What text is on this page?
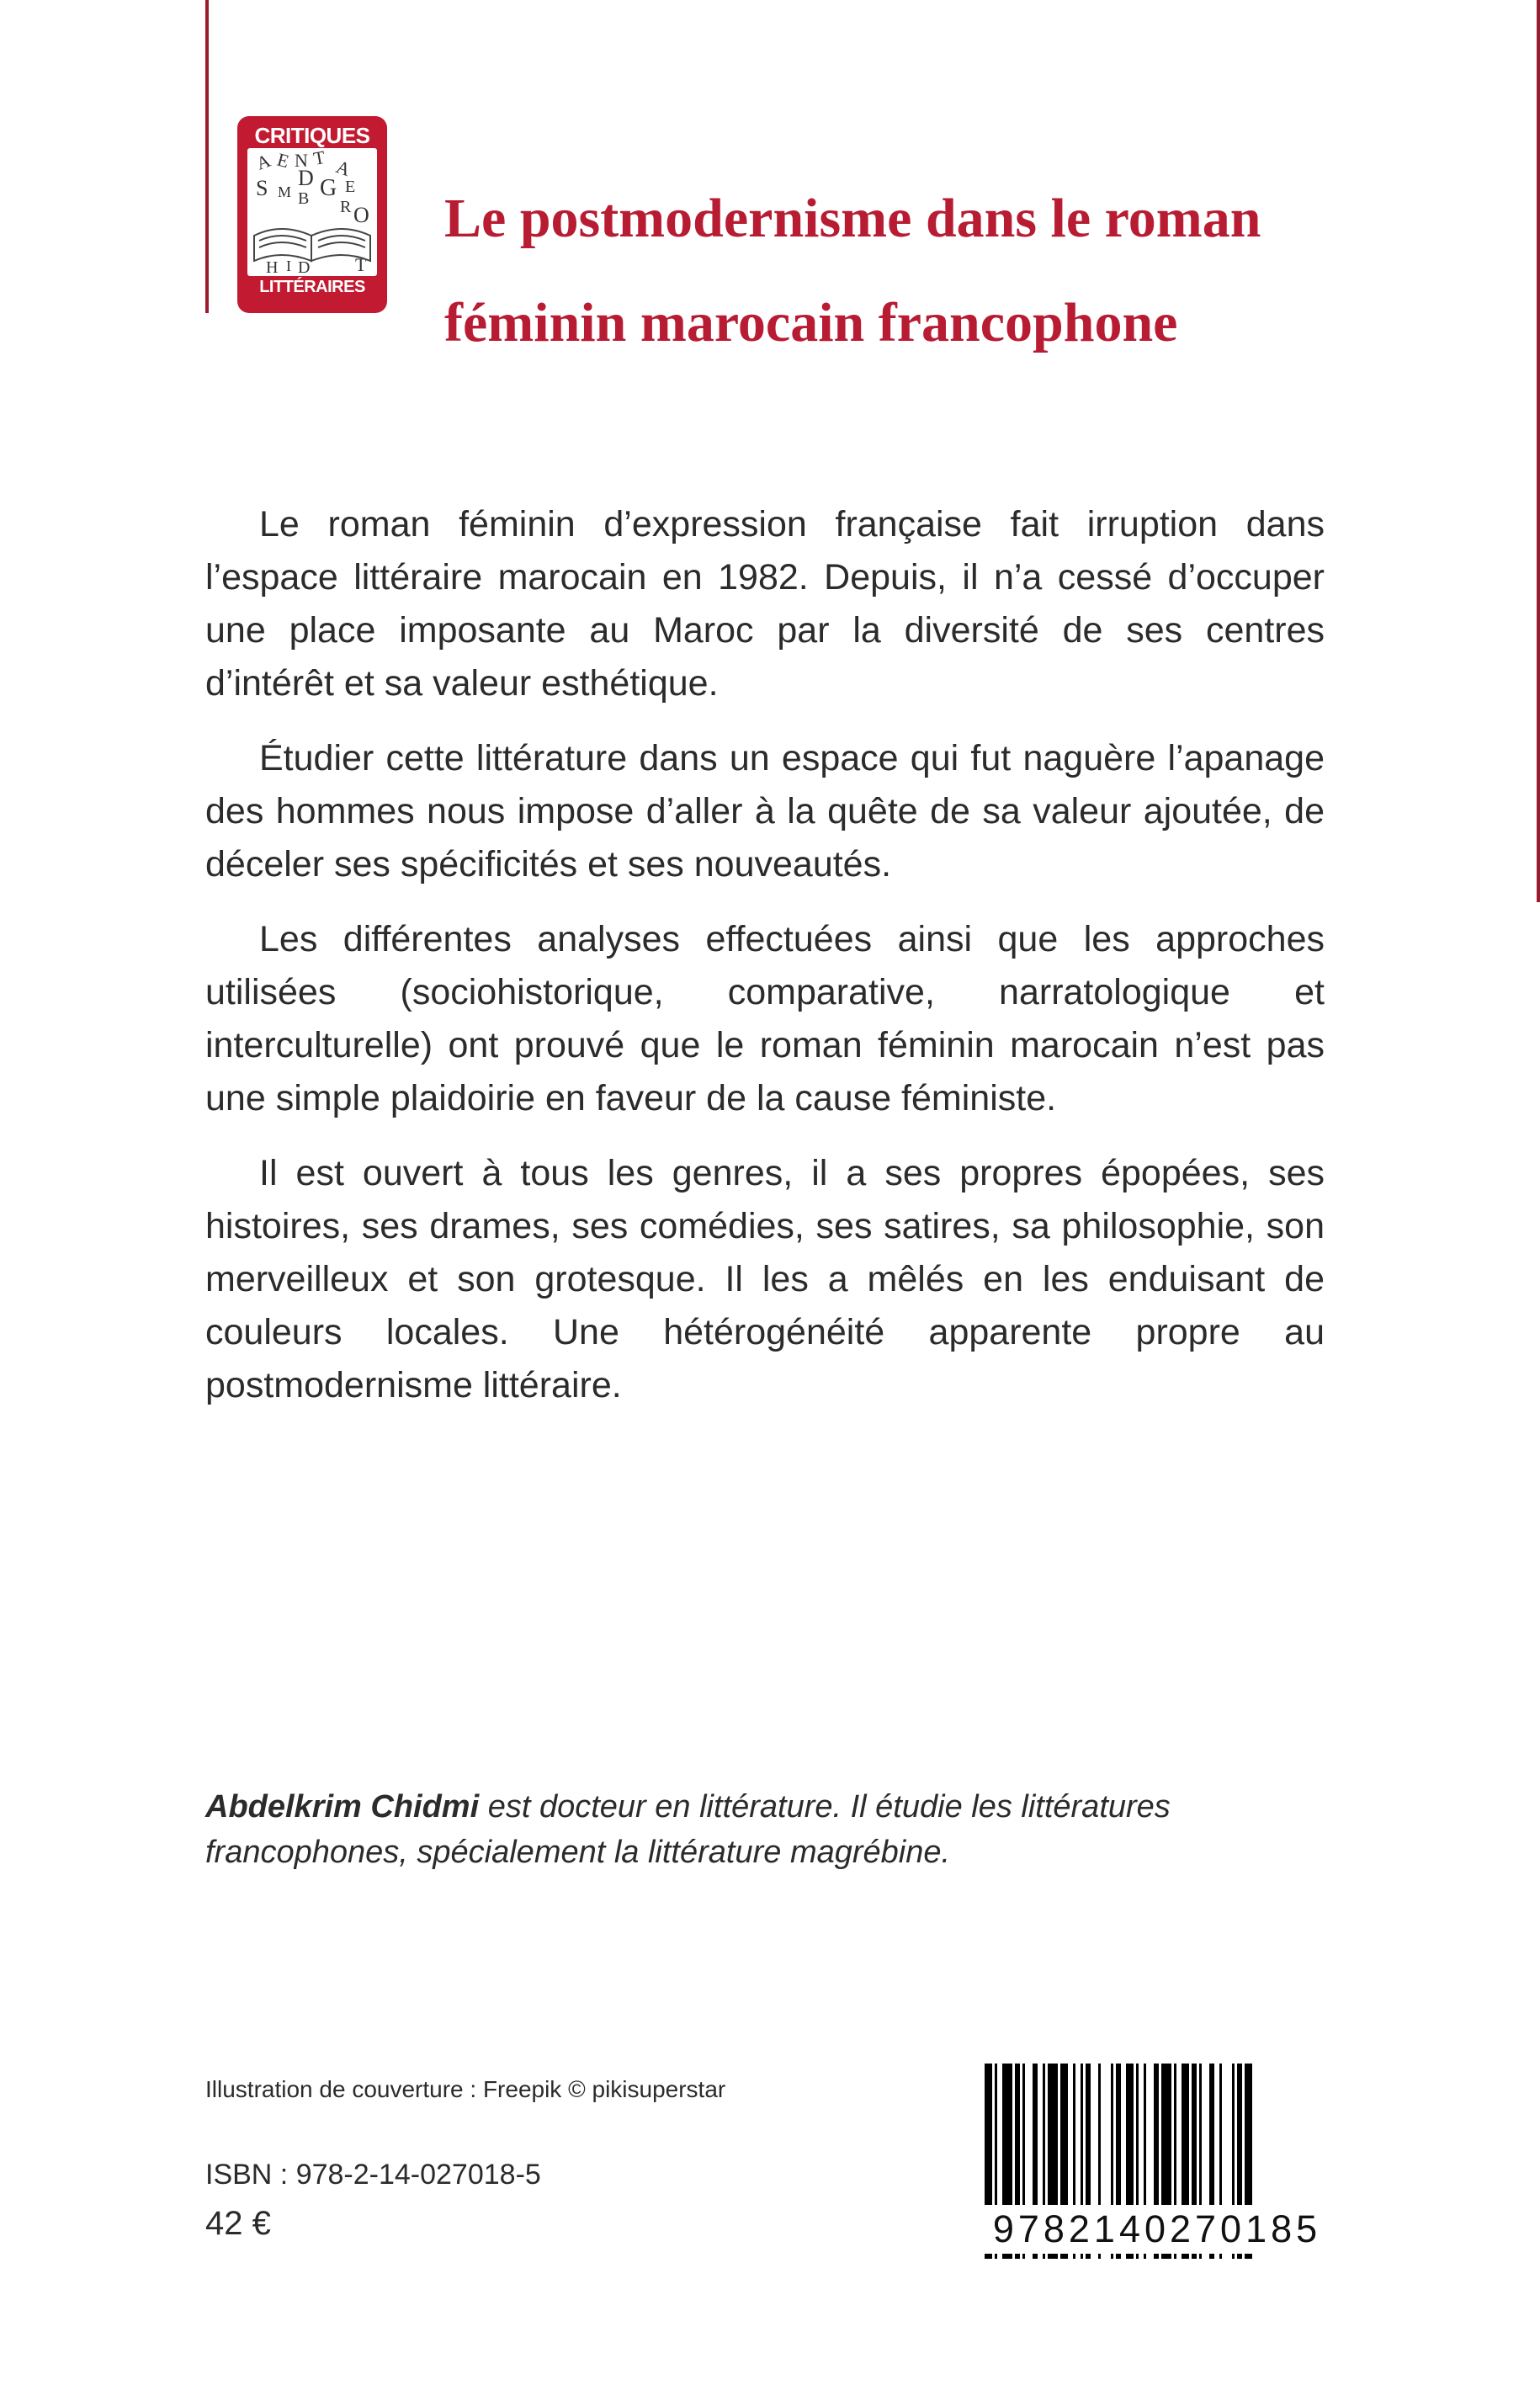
CRITIQUES
A E N T A
D
S M B G E
R O
H I D T
LITTÉRAIRES
Le postmodernisme dans le roman
féminin marocain francophone

Le roman féminin d’expression française fait irruption dans l’espace littéraire marocain en 1982. Depuis, il n’a cessé d’occuper une place imposante au Maroc par la diversité de ses centres d’intérêt et sa valeur esthétique.

Étudier cette littérature dans un espace qui fut naguère l’apanage des hommes nous impose d’aller à la quête de sa valeur ajoutée, de déceler ses spécificités et ses nouveautés.

Les différentes analyses effectuées ainsi que les approches utilisées (sociohistorique, comparative, narratologique et interculturelle) ont prouvé que le roman féminin marocain n’est pas une simple plaidoirie en faveur de la cause féministe.

Il est ouvert à tous les genres, il a ses propres épopées, ses histoires, ses drames, ses comédies, ses satires, sa philosophie, son merveilleux et son grotesque. Il les a mêlés en les enduisant de couleurs locales. Une hétérogénéité apparente propre au postmodernisme littéraire.

Abdelkrim Chidmi est docteur en littérature. Il étudie les littératures francophones, spécialement la littérature magrébine.
Illustration de couverture : Freepik © pikisuperstar
ISBN : 978-2-14-027018-5
42 €	9782140270185
